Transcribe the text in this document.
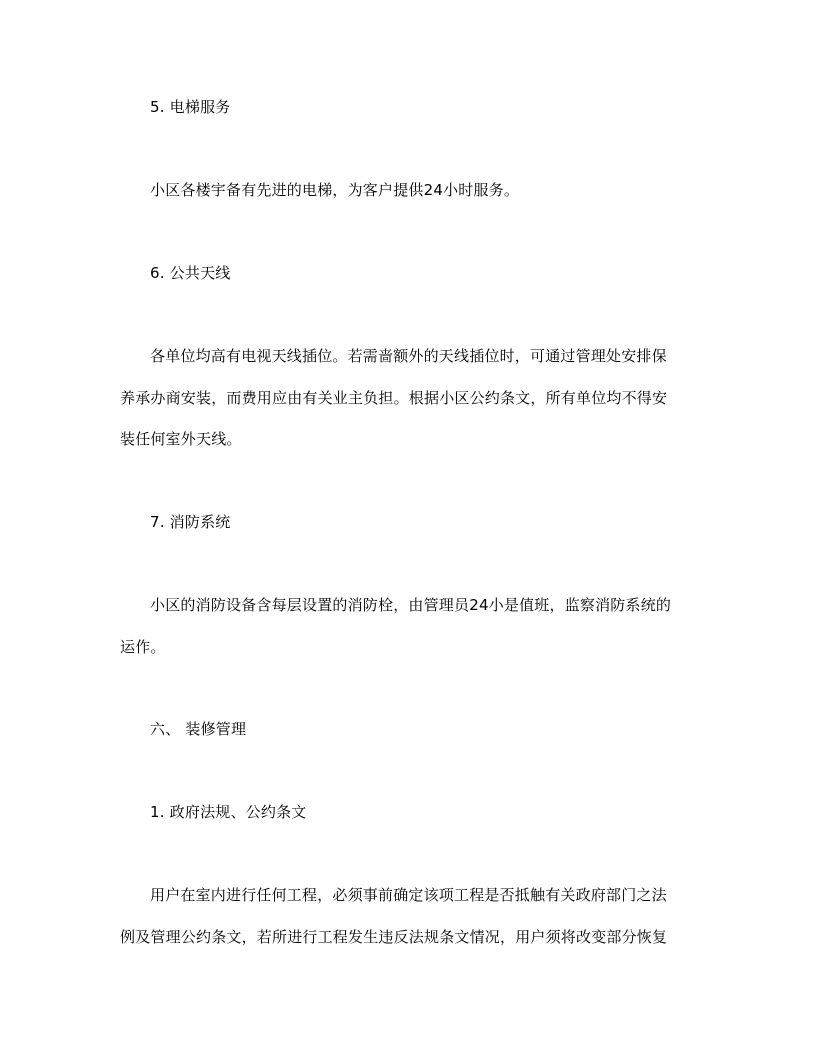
5. 电梯服务
小区各楼宇备有先进的电梯，为客户提供24小时服务。
6. 公共天线
各单位均高有电视天线插位。若需啬额外的天线插位时，可通过管理处安排保
养承办商安装，而费用应由有关业主负担。根据小区公约条文，所有单位均不得安
装任何室外天线。
7. 消防系统
小区的消防设备含每层设置的消防栓，由管理员24小是值班，监察消防系统的
运作。
六、 装修管理
1. 政府法规、公约条文
用户在室内进行任何工程，必须事前确定该项工程是否抵触有关政府部门之法
例及管理公约条文，若所进行工程发生违反法规条文情况，用户须将改变部分恢复
